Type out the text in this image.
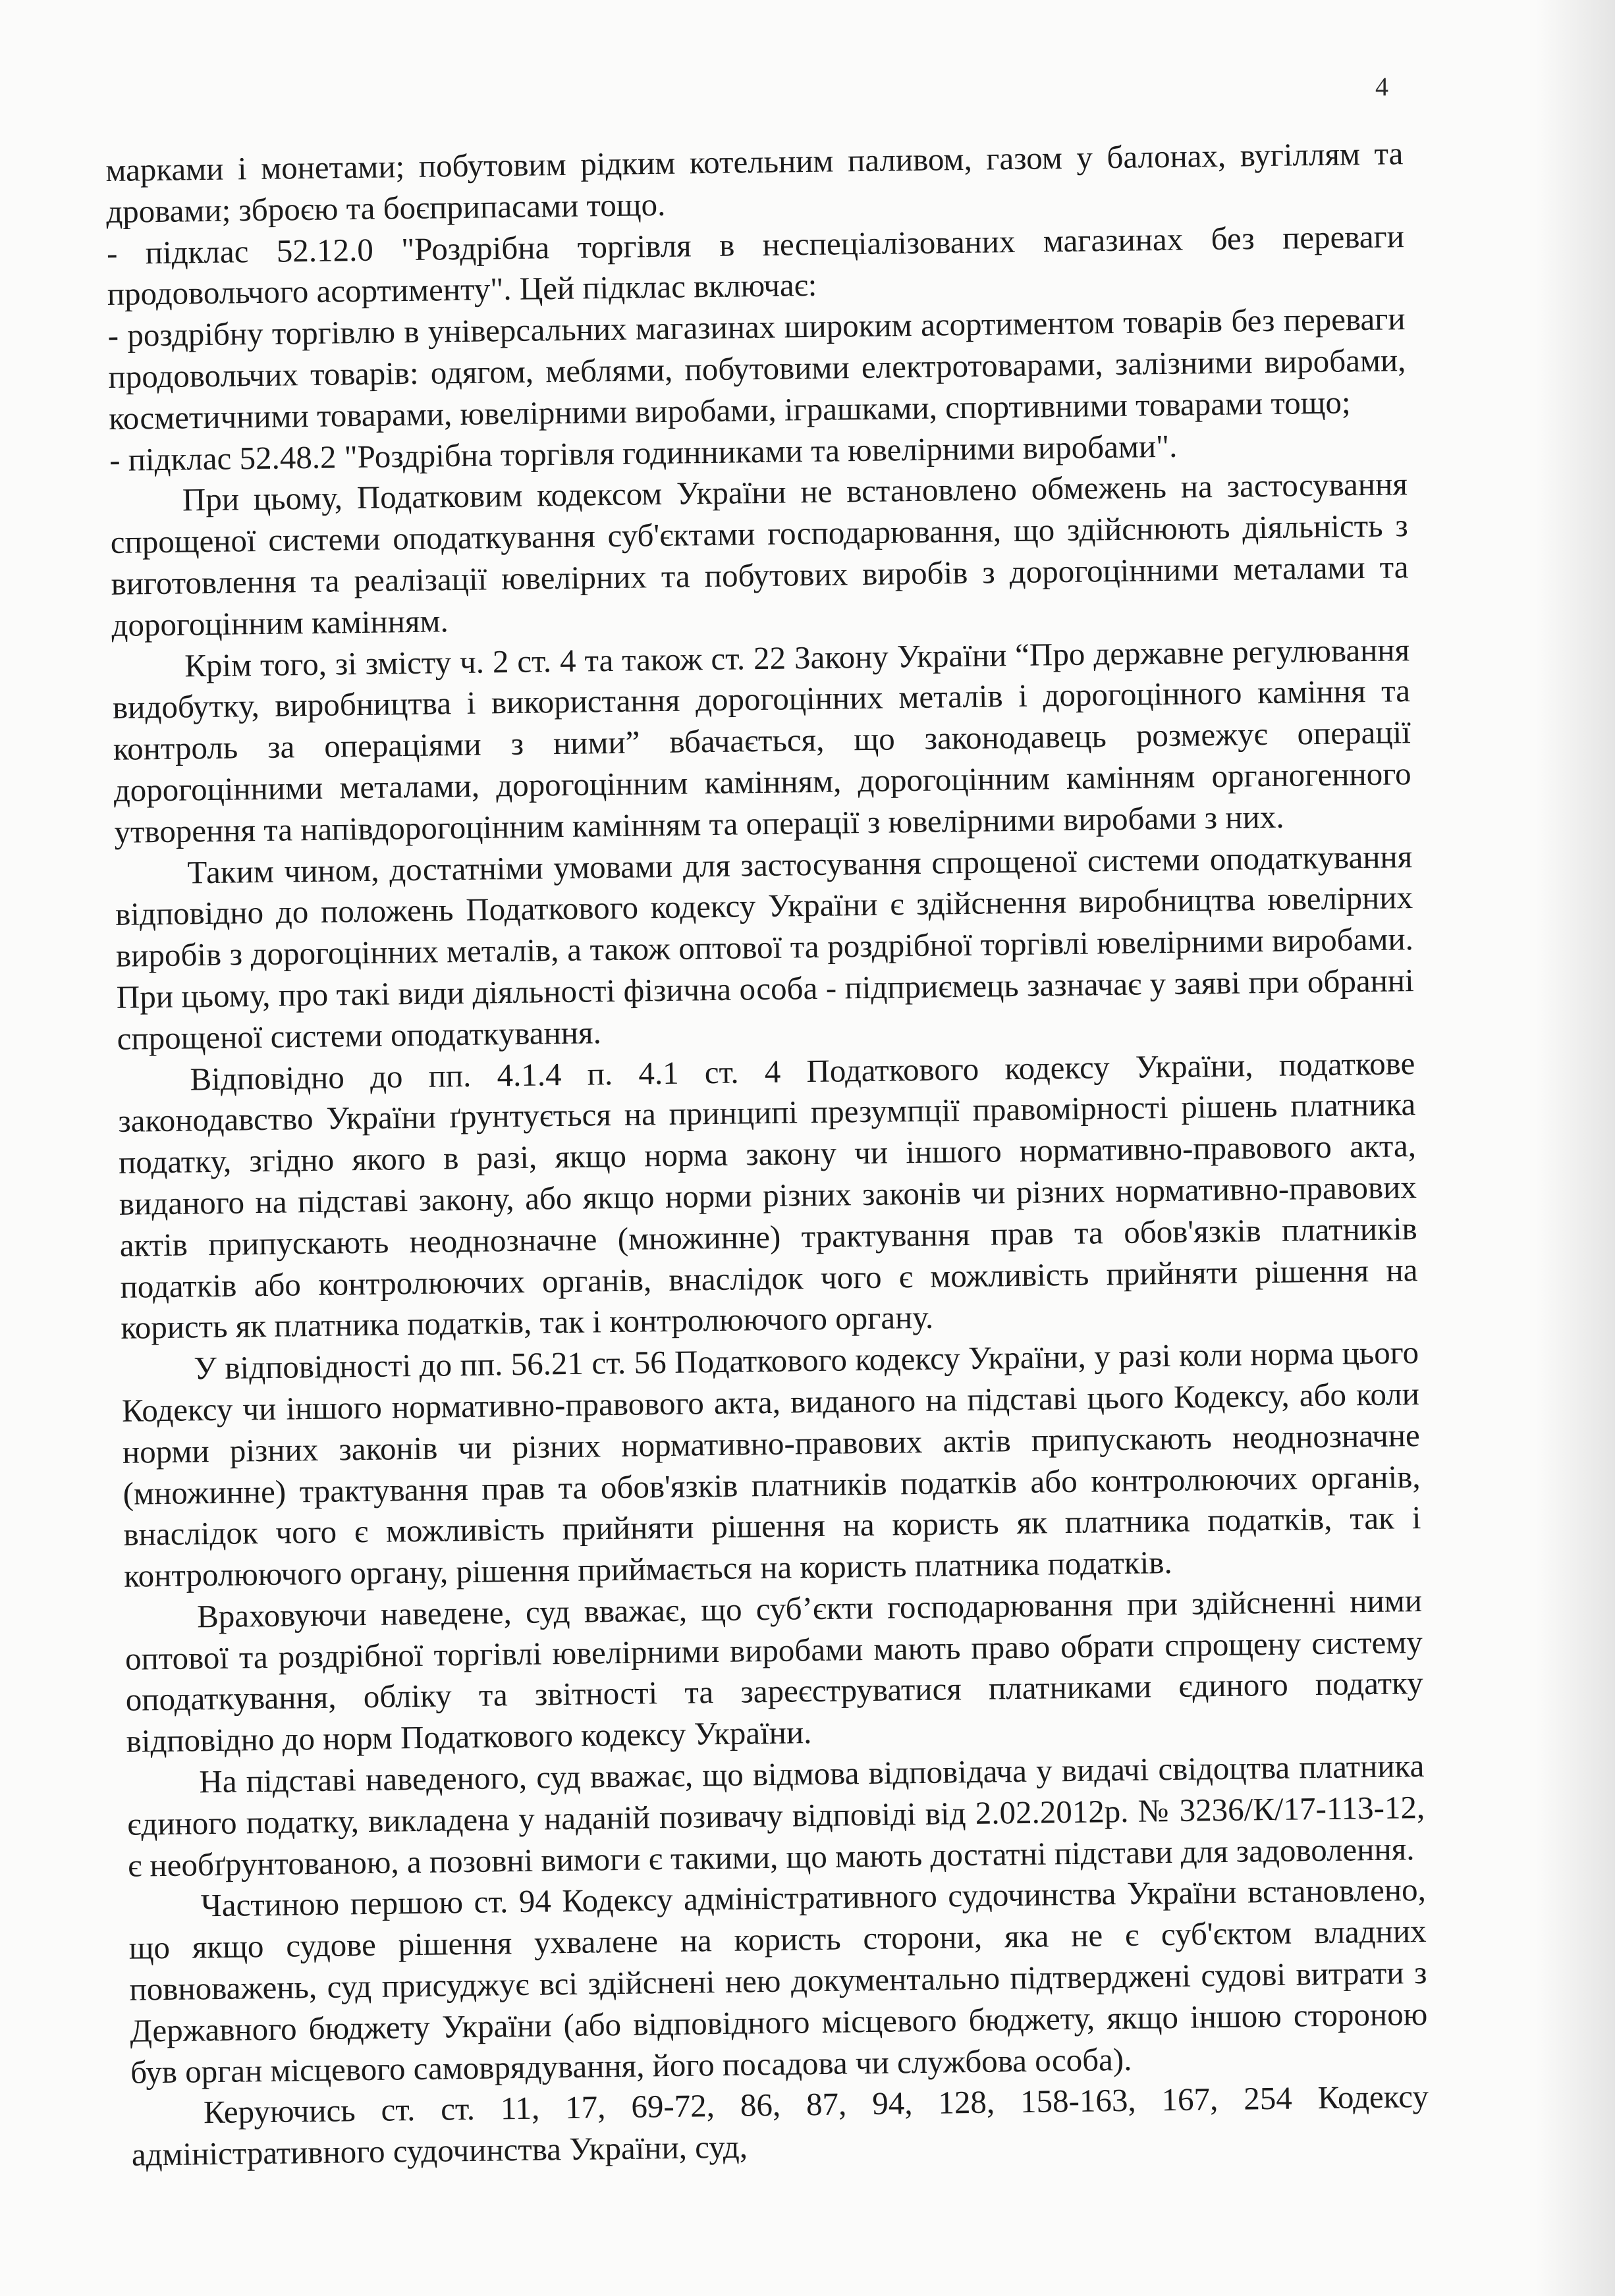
4

марками і монетами; побутовим рідким котельним паливом, газом у балонах, вугіллям та дровами; зброєю та боєприпасами тощо.

- підклас 52.12.0 "Роздрібна торгівля в неспеціалізованих магазинах без переваги продовольчого асортименту". Цей підклас включає:

- роздрібну торгівлю в універсальних магазинах широким асортиментом товарів без переваги продовольчих товарів: одягом, меблями, побутовими електротоварами, залізними виробами, косметичними товарами, ювелірними виробами, іграшками, спортивними товарами тощо;

- підклас 52.48.2 "Роздрібна торгівля годинниками та ювелірними виробами".

При цьому, Податковим кодексом України не встановлено обмежень на застосування спрощеної системи оподаткування суб'єктами господарювання, що здійснюють діяльність з виготовлення та реалізації ювелірних та побутових виробів з дорогоцінними металами та дорогоцінним камінням.

Крім того, зі змісту ч. 2 ст. 4 та також ст. 22 Закону України “Про державне регулювання видобутку, виробництва і використання дорогоцінних металів і дорогоцінного каміння та контроль за операціями з ними” вбачається, що законодавець розмежує операції дорогоцінними металами, дорогоцінним камінням, дорогоцінним камінням органогенного утворення та напівдорогоцінним камінням та операції з ювелірними виробами з них.

Таким чином, достатніми умовами для застосування спрощеної системи оподаткування відповідно до положень Податкового кодексу України є здійснення виробництва ювелірних виробів з дорогоцінних металів, а також оптової та роздрібної торгівлі ювелірними виробами. При цьому, про такі види діяльності фізична особа - підприємець зазначає у заяві при обранні спрощеної системи оподаткування.

Відповідно до пп. 4.1.4 п. 4.1 ст. 4 Податкового кодексу України, податкове законодавство України ґрунтується на принципі презумпції правомірності рішень платника податку, згідно якого в разі, якщо норма закону чи іншого нормативно-правового акта, виданого на підставі закону, або якщо норми різних законів чи різних нормативно-правових актів припускають неоднозначне (множинне) трактування прав та обов'язків платників податків або контролюючих органів, внаслідок чого є можливість прийняти рішення на користь як платника податків, так і контролюючого органу.

У відповідності до пп. 56.21 ст. 56 Податкового кодексу України, у разі коли норма цього Кодексу чи іншого нормативно-правового акта, виданого на підставі цього Кодексу, або коли норми різних законів чи різних нормативно-правових актів припускають неоднозначне (множинне) трактування прав та обов'язків платників податків або контролюючих органів, внаслідок чого є можливість прийняти рішення на користь як платника податків, так і контролюючого органу, рішення приймається на користь платника податків.

Враховуючи наведене, суд вважає, що суб’єкти господарювання при здійсненні ними оптової та роздрібної торгівлі ювелірними виробами мають право обрати спрощену систему оподаткування, обліку та звітності та зареєструватися платниками єдиного податку відповідно до норм Податкового кодексу України.

На підставі наведеного, суд вважає, що відмова відповідача у видачі свідоцтва платника єдиного податку, викладена у наданій позивачу відповіді від 2.02.2012р. № 3236/К/17-113-12, є необґрунтованою, а позовні вимоги є такими, що мають достатні підстави для задоволення.

Частиною першою ст. 94 Кодексу адміністративного судочинства України встановлено, що якщо судове рішення ухвалене на користь сторони, яка не є суб'єктом владних повноважень, суд присуджує всі здійснені нею документально підтверджені судові витрати з Державного бюджету України (або відповідного місцевого бюджету, якщо іншою стороною був орган місцевого самоврядування, його посадова чи службова особа).

Керуючись ст. ст. 11, 17, 69-72, 86, 87, 94, 128, 158-163, 167, 254 Кодексу адміністративного судочинства України, суд,
